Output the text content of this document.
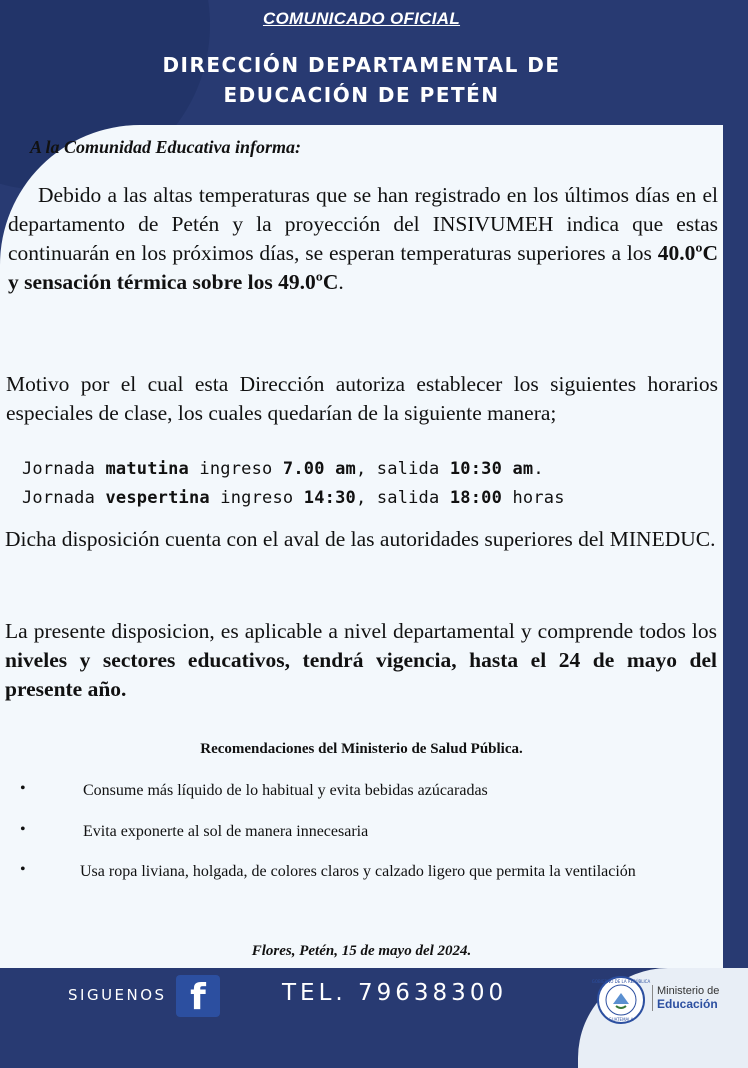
COMUNICADO OFICIAL
DIRECCIÓN DEPARTAMENTAL DE
EDUCACIÓN DE PETÉN
A la Comunidad Educativa informa:
Debido a las altas temperaturas que se han registrado en los últimos días en el departamento de Petén y la proyección del INSIVUMEH indica que estas continuarán en los próximos días, se esperan temperaturas superiores a los 40.0ºC y sensación térmica sobre los 49.0ºC.
Motivo por el cual esta Dirección autoriza establecer los siguientes horarios especiales de clase, los cuales quedarían de la siguiente manera;
Jornada matutina ingreso 7.00 am, salida 10:30 am.
Jornada vespertina ingreso 14:30, salida 18:00 horas
Dicha disposición cuenta con el aval de las autoridades superiores del MINEDUC.
La presente disposicion, es aplicable a nivel departamental y comprende todos los niveles y sectores educativos, tendrá vigencia, hasta el 24 de mayo del presente año.
Recomendaciones del Ministerio de Salud Pública.
•	Consume más líquido de lo habitual y evita bebidas azúcaradas
•	Evita exponerte al sol de manera innecesaria
•	Usa ropa liviana, holgada, de colores claros y calzado ligero que permita la ventilación
Flores, Petén, 15 de mayo del 2024.
SIGUENOS f	TEL. 79638300	GOBIERNO DE LA REPÚBLICA
GUATEMALA
Ministerio de
Educación
